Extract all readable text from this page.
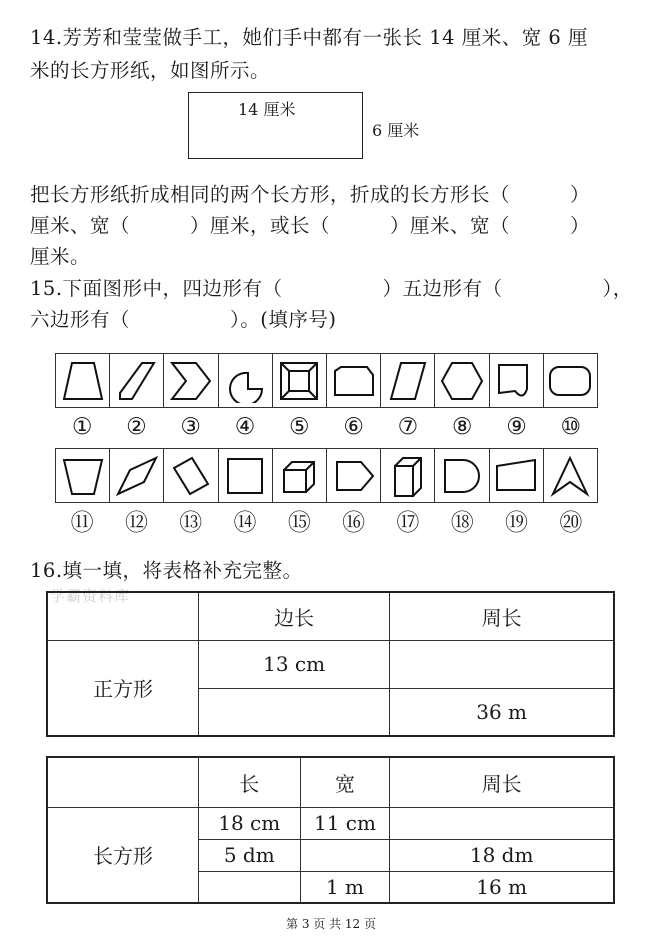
14.芳芳和莹莹做手工，她们手中都有一张长 14 厘米、宽 6 厘
米的长方形纸，如图所示。
14 厘米
6 厘米
把长方形纸折成相同的两个长方形，折成的长方形长（　　　）
厘米、宽（　　　）厘米，或长（　　　）厘米、宽（　　　）
厘米。
15.下面图形中，四边形有（　　　　　）五边形有（　　　　　），
六边形有（　　　　　）。(填序号)
①	②	③	④	⑤	⑥	⑦	⑧	⑨	⑩
⑪	⑫	⑬	⑭	⑮	⑯	⑰	⑱	⑲	⑳
16.填一填，将表格补充完整。
学霸资料库
	边长	周长
正方形	13 cm	
		36 m
	长	宽	周长
长方形	18 cm	11 cm	
	5 dm		18 dm
		1 m	16 m
第 3 页 共 12 页
